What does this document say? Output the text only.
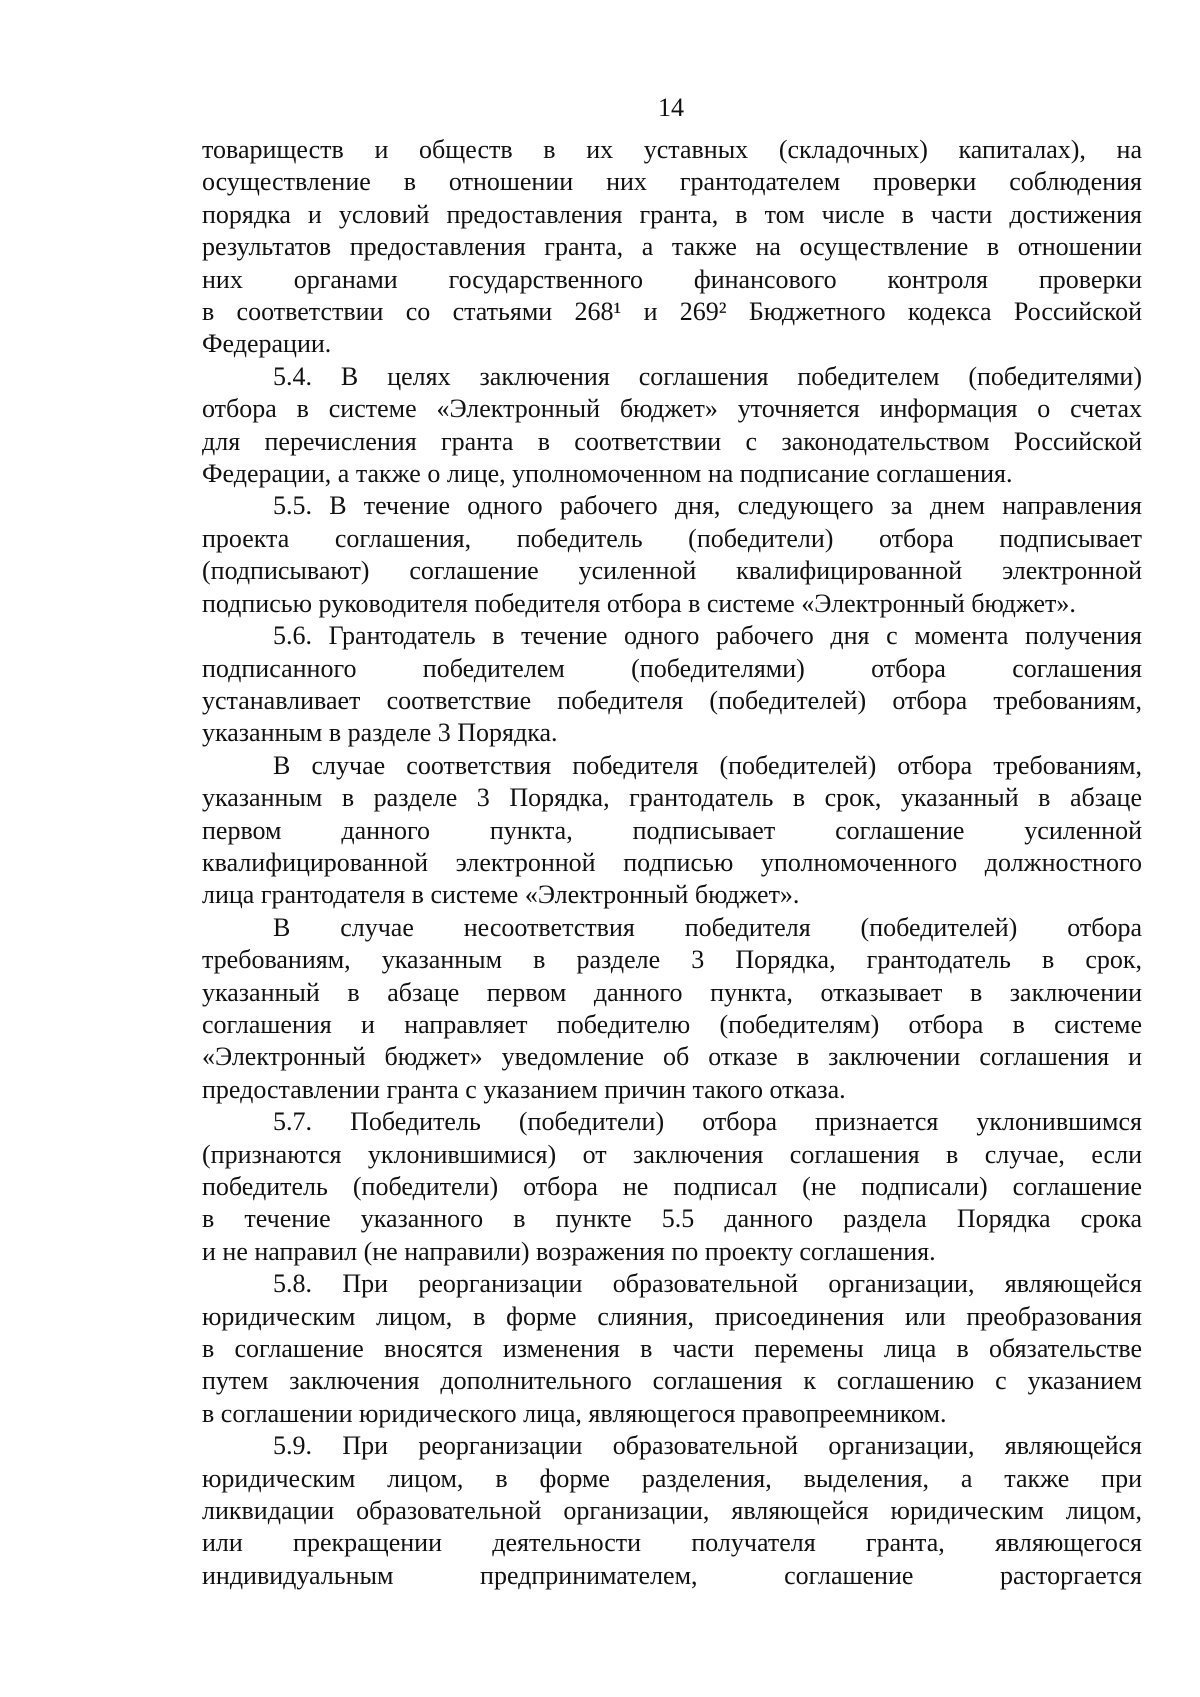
14

товариществ и обществ в их уставных (складочных) капиталах), на
осуществление в отношении них грантодателем проверки соблюдения
порядка и условий предоставления гранта, в том числе в части достижения
результатов предоставления гранта, а также на осуществление в отношении
них органами государственного финансового контроля проверки
в соответствии со статьями 268¹ и 269² Бюджетного кодекса Российской
Федерации.

5.4. В целях заключения соглашения победителем (победителями)
отбора в системе «Электронный бюджет» уточняется информация о счетах
для перечисления гранта в соответствии с законодательством Российской
Федерации, а также о лице, уполномоченном на подписание соглашения.

5.5. В течение одного рабочего дня, следующего за днем направления
проекта соглашения, победитель (победители) отбора подписывает
(подписывают) соглашение усиленной квалифицированной электронной
подписью руководителя победителя отбора в системе «Электронный бюджет».

5.6. Грантодатель в течение одного рабочего дня с момента получения
подписанного победителем (победителями) отбора соглашения
устанавливает соответствие победителя (победителей) отбора требованиям,
указанным в разделе 3 Порядка.

В случае соответствия победителя (победителей) отбора требованиям,
указанным в разделе 3 Порядка, грантодатель в срок, указанный в абзаце
первом данного пункта, подписывает соглашение усиленной
квалифицированной электронной подписью уполномоченного должностного
лица грантодателя в системе «Электронный бюджет».

В случае несоответствия победителя (победителей) отбора
требованиям, указанным в разделе 3 Порядка, грантодатель в срок,
указанный в абзаце первом данного пункта, отказывает в заключении
соглашения и направляет победителю (победителям) отбора в системе
«Электронный бюджет» уведомление об отказе в заключении соглашения и
предоставлении гранта с указанием причин такого отказа.

5.7. Победитель (победители) отбора признается уклонившимся
(признаются уклонившимися) от заключения соглашения в случае, если
победитель (победители) отбора не подписал (не подписали) соглашение
в течение указанного в пункте 5.5 данного раздела Порядка срока
и не направил (не направили) возражения по проекту соглашения.

5.8. При реорганизации образовательной организации, являющейся
юридическим лицом, в форме слияния, присоединения или преобразования
в соглашение вносятся изменения в части перемены лица в обязательстве
путем заключения дополнительного соглашения к соглашению с указанием
в соглашении юридического лица, являющегося правопреемником.

5.9. При реорганизации образовательной организации, являющейся
юридическим лицом, в форме разделения, выделения, а также при
ликвидации образовательной организации, являющейся юридическим лицом,
или прекращении деятельности получателя гранта, являющегося
индивидуальным предпринимателем, соглашение расторгается
